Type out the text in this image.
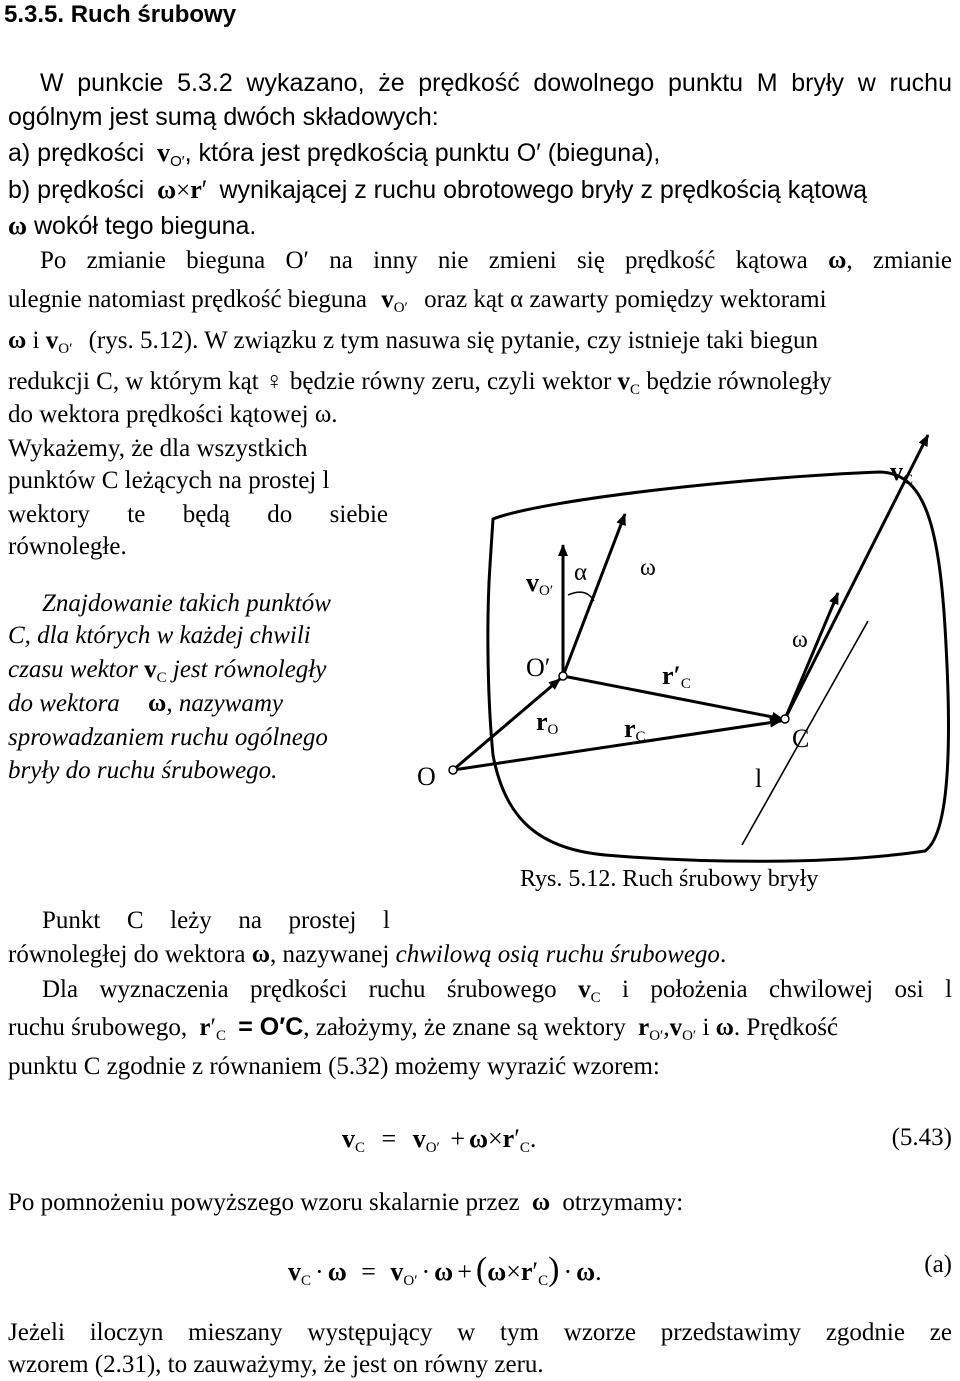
5.3.5. Ruch śrubowy
W punkcie 5.3.2 wykazano, że prędkość dowolnego punktu M bryły w ruchu
ogólnym jest sumą dwóch składowych:
a) prędkości $v_{O'}$, która jest prędkością punktu O′ (bieguna),
b) prędkości ω×r′ wynikającej z ruchu obrotowego bryły z prędkością kątową
ω wokół tego bieguna.
Po zmianie bieguna O′ na inny nie zmieni się prędkość kątowa ω, zmianie
ulegnie natomiast prędkość bieguna $v_{O'}$ oraz kąt α zawarty pomiędzy wektorami
ω i $v_{O'}$ (rys. 5.12). W związku z tym nasuwa się pytanie, czy istnieje taki biegun
redukcji C, w którym kąt ♀ będzie równy zeru, czyli wektor $v_C$ będzie równoległy
do wektora prędkości kątowej ω.
Wykażemy, że dla wszystkich
punktów C leżących na prostej l
wektory te będą do siebie
równoległe.
Znajdowanie takich punktów
C, dla których w każdej chwili
czasu wektor $v_C$ jest równoległy
do wektora ω, nazywamy
sprowadzaniem ruchu ogólnego
bryły do ruchu śrubowego.
vC
vO′
α ω
ω
O′	r′C
rO	rC	C
O	l
Rys. 5.12. Ruch śrubowy bryły
Punkt C leży na prostej l
równoległej do wektora ω, nazywanej chwilową osią ruchu śrubowego.
Dla wyznaczenia prędkości ruchu śrubowego $v_C$ i położenia chwilowej osi l
ruchu śrubowego, $r'_C = O'C$, założymy, że znane są wektory $r_{O'},v_{O'}$ i ω. Prędkość
punktu C zgodnie z równaniem (5.32) możemy wyrazić wzorem:
$v_C = v_{O'} + \omega\times r'_C$.	(5.43)
Po pomnożeniu powyższego wzoru skalarnie przez ω otrzymamy:
$v_C \cdot \omega = v_{O'} \cdot \omega + (\omega\times r'_C) \cdot \omega$.	(a)
Jeżeli iloczyn mieszany występujący w tym wzorze przedstawimy zgodnie ze
wzorem (2.31), to zauważymy, że jest on równy zeru.
